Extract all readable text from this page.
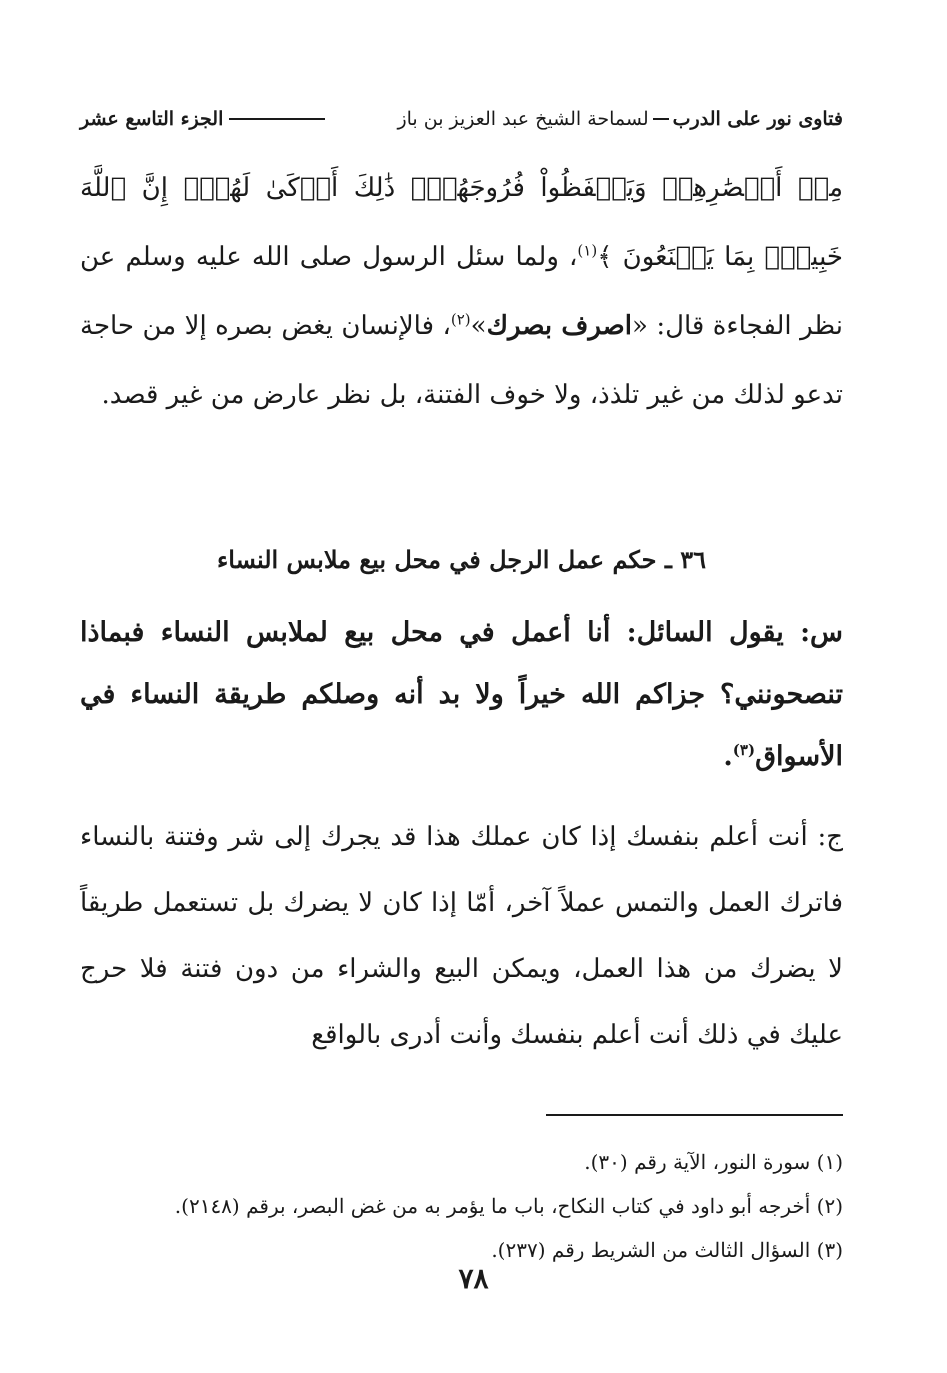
فتاوى نور على الدرب
لسماحة الشيخ عبد العزيز بن باز
الجزء التاسع عشر

مِنۡ أَبۡصَٰرِهِمۡ وَيَحۡفَظُواْ فُرُوجَهُمۡۚ ذَٰلِكَ أَزۡكَىٰ لَهُمۡۗ إِنَّ ٱللَّهَ خَبِيرُۢ بِمَا يَصۡنَعُونَ ﴾$^{(١)}$، ولما سئل الرسول صلى الله عليه وسلم عن نظر الفجاءة قال: «اصرف بصرك»$^{(٢)}$، فالإنسان يغض بصره إلا من حاجة تدعو لذلك من غير تلذذ، ولا خوف الفتنة، بل نظر عارض من غير قصد.

٣٦ ـ حكم عمل الرجل في محل بيع ملابس النساء

س: يقول السائل: أنا أعمل في محل بيع لملابس النساء فبماذا تنصحونني؟ جزاكم الله خيراً ولا بد أنه وصلكم طريقة النساء في الأسواق$^{(٣)}$.

ج: أنت أعلم بنفسك إذا كان عملك هذا قد يجرك إلى شر وفتنة بالنساء فاترك العمل والتمس عملاً آخر، أمّا إذا كان لا يضرك بل تستعمل طريقاً لا يضرك من هذا العمل، ويمكن البيع والشراء من دون فتنة فلا حرج عليك في ذلك أنت أعلم بنفسك وأنت أدرى بالواقع

(١) سورة النور، الآية رقم (٣٠).
(٢) أخرجه أبو داود في كتاب النكاح، باب ما يؤمر به من غض البصر، برقم (٢١٤٨).
(٣) السؤال الثالث من الشريط رقم (٢٣٧).
٧٨
